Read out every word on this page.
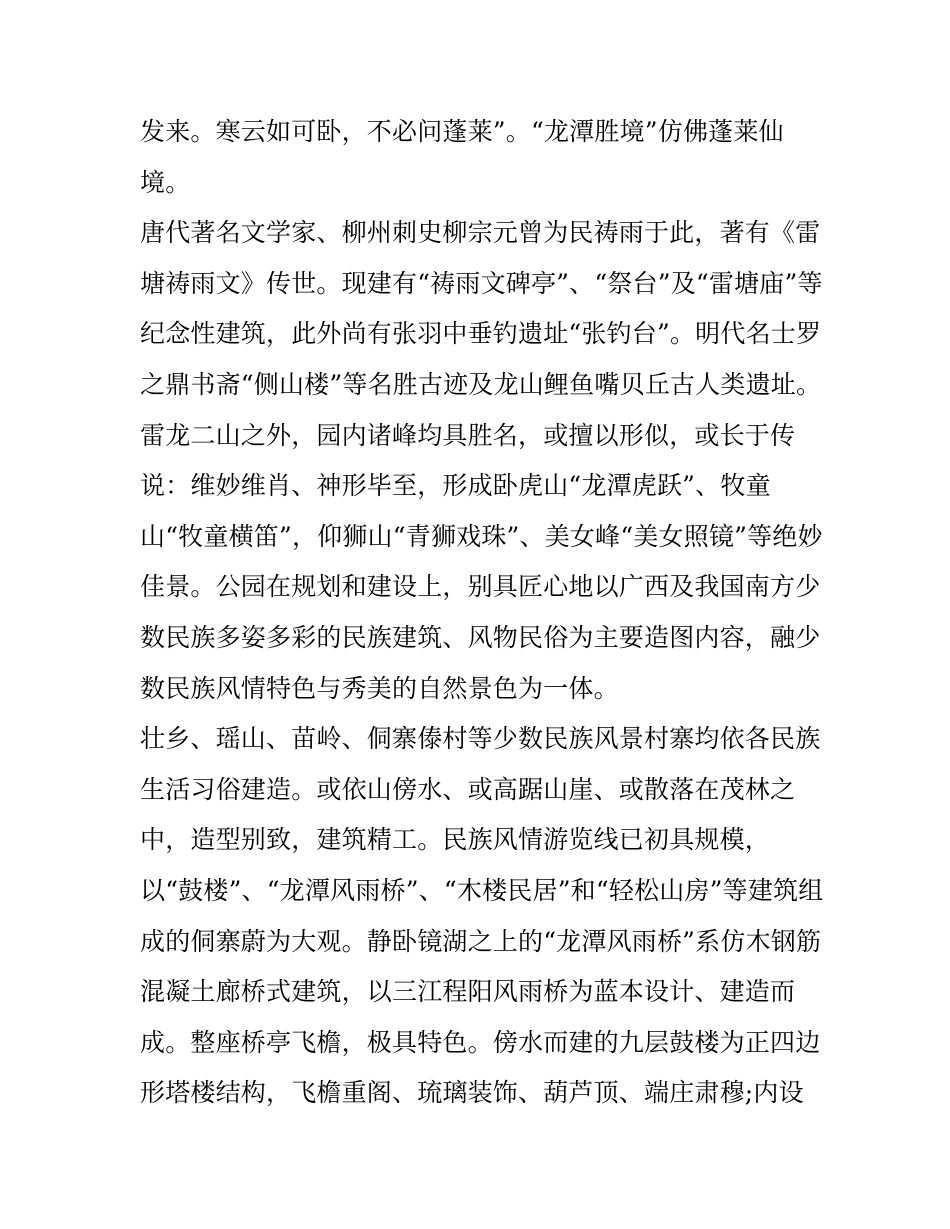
发来。寒云如可卧，不必问蓬莱”。“龙潭胜境”仿佛蓬莱仙
境。
唐代著名文学家、柳州刺史柳宗元曾为民祷雨于此，著有《雷
塘祷雨文》传世。现建有“祷雨文碑亭”、“祭台”及“雷塘庙”等
纪念性建筑，此外尚有张羽中垂钓遗址“张钓台”。明代名士罗
之鼎书斋“侧山楼”等名胜古迹及龙山鲤鱼嘴贝丘古人类遗址。
雷龙二山之外，园内诸峰均具胜名，或擅以形似，或长于传
说：维妙维肖、神形毕至，形成卧虎山“龙潭虎跃”、牧童
山“牧童横笛”，仰狮山“青狮戏珠”、美女峰“美女照镜”等绝妙
佳景。公园在规划和建设上，别具匠心地以广西及我国南方少
数民族多姿多彩的民族建筑、风物民俗为主要造图内容，融少
数民族风情特色与秀美的自然景色为一体。
壮乡、瑶山、苗岭、侗寨傣村等少数民族风景村寨均依各民族
生活习俗建造。或依山傍水、或高踞山崖、或散落在茂林之
中，造型别致，建筑精工。民族风情游览线已初具规模，
以“鼓楼”、“龙潭风雨桥”、“木楼民居”和“轻松山房”等建筑组
成的侗寨蔚为大观。静卧镜湖之上的“龙潭风雨桥”系仿木钢筋
混凝土廊桥式建筑，以三江程阳风雨桥为蓝本设计、建造而
成。整座桥亭飞檐，极具特色。傍水而建的九层鼓楼为正四边
形塔楼结构，飞檐重阁、琉璃装饰、葫芦顶、端庄肃穆;内设
